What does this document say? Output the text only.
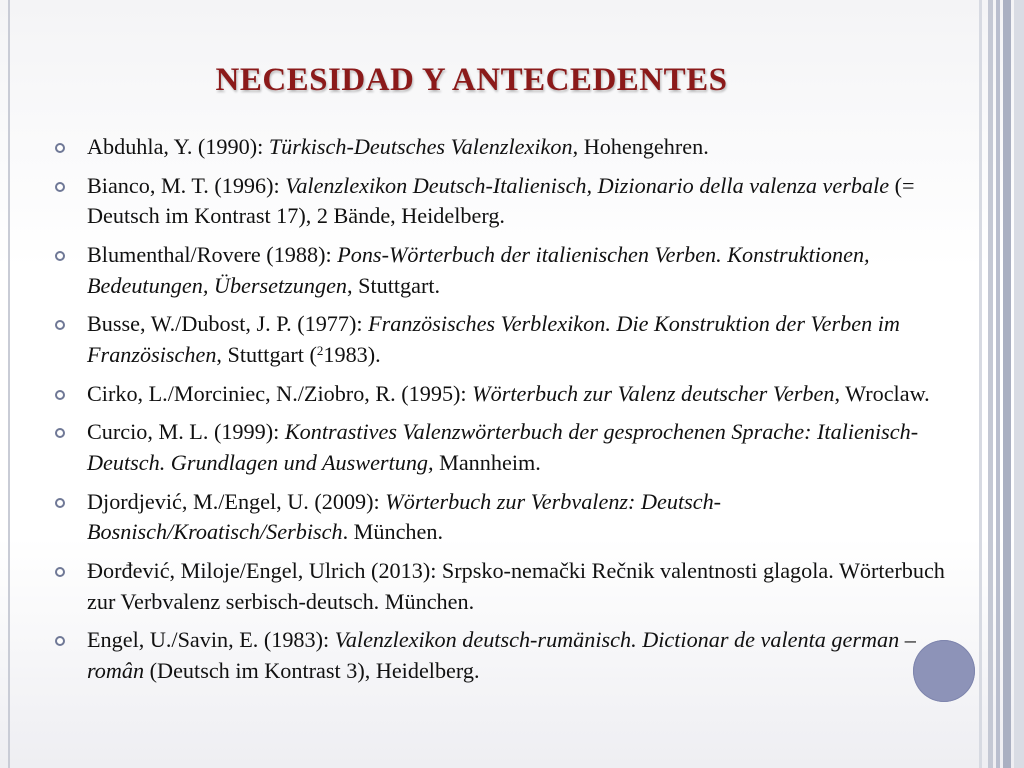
NECESIDAD Y ANTECEDENTES
Abduhla, Y. (1990): Türkisch-Deutsches Valenzlexikon, Hohengehren.
Bianco, M. T. (1996): Valenzlexikon Deutsch-Italienisch, Dizionario della valenza verbale (= Deutsch im Kontrast 17), 2 Bände, Heidelberg.
Blumenthal/Rovere (1988): Pons-Wörterbuch der italienischen Verben. Konstruktionen, Bedeutungen, Übersetzungen, Stuttgart.
Busse, W./Dubost, J. P. (1977): Französisches Verblexikon. Die Konstruktion der Verben im Französischen, Stuttgart ($^2$1983).
Cirko, L./Morciniec, N./Ziobro, R. (1995): Wörterbuch zur Valenz deutscher Verben, Wroclaw.
Curcio, M. L. (1999): Kontrastives Valenzwörterbuch der gesprochenen Sprache: Italienisch-Deutsch. Grundlagen und Auswertung, Mannheim.
Djordjević, M./Engel, U. (2009): Wörterbuch zur Verbvalenz: Deutsch-Bosnisch/Kroatisch/Serbisch. München.
Đorđević, Miloje/Engel, Ulrich (2013): Srpsko-nemački Rečnik valentnosti glagola. Wörterbuch zur Verbvalenz serbisch-deutsch. München.
Engel, U./Savin, E. (1983): Valenzlexikon deutsch-rumänisch. Dictionar de valenta german – român (Deutsch im Kontrast 3), Heidelberg.
